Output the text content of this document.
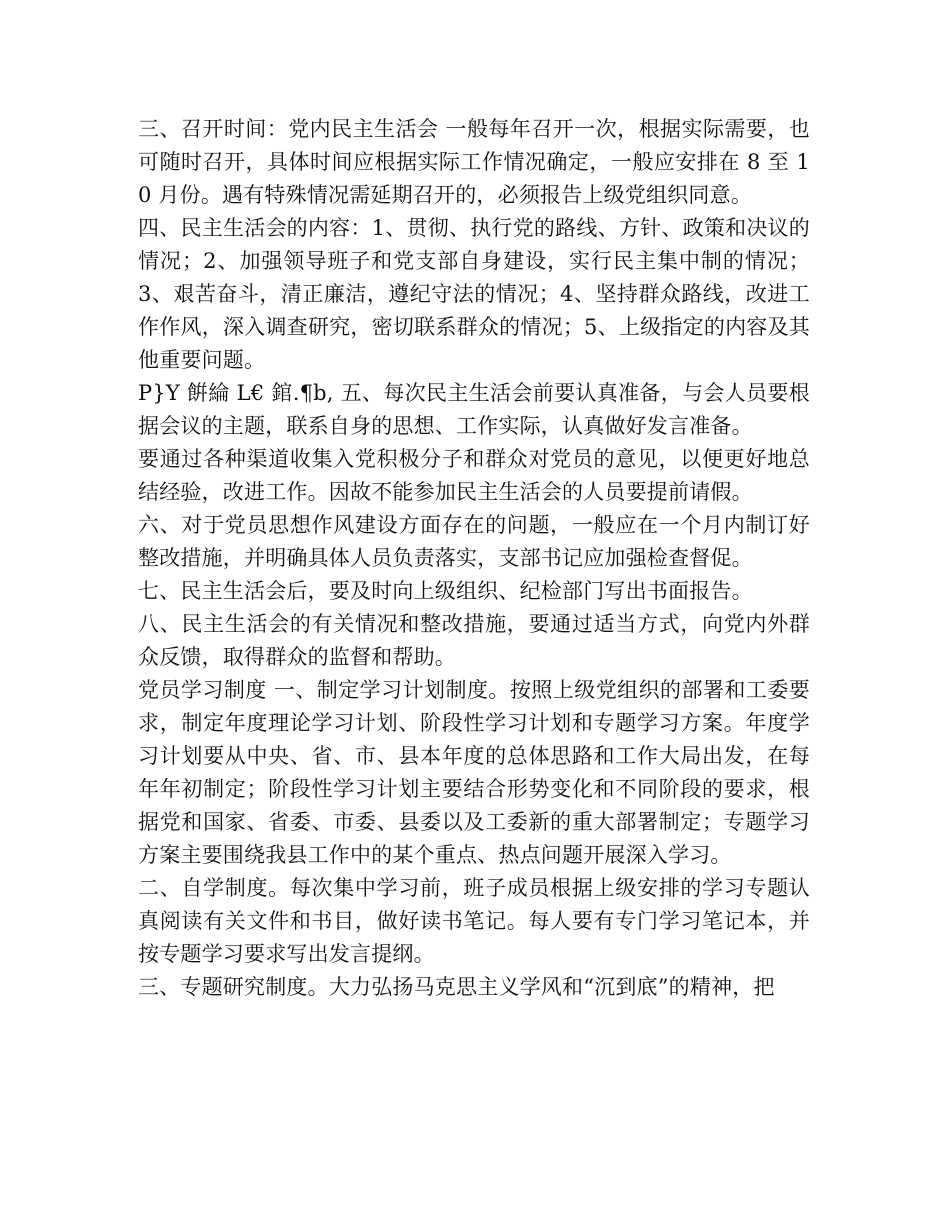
三、召开时间：党内民主生活会 一般每年召开一次，根据实际需要，也可随时召开，具体时间应根据实际工作情况确定，一般应安排在 8 至 10 月份。遇有特殊情况需延期召开的，必须报告上级党组织同意。

四、民主生活会的内容：1、贯彻、执行党的路线、方针、政策和决议的情况；2、加强领导班子和党支部自身建设，实行民主集中制的情况；3、艰苦奋斗，清正廉洁，遵纪守法的情况；4、坚持群众路线，改进工作作风，深入调查研究，密切联系群众的情况；5、上级指定的内容及其他重要问题。

P}Y 餠綸 L€ 錧.¶b, 五、每次民主生活会前要认真准备，与会人员要根据会议的主题，联系自身的思想、工作实际，认真做好发言准备。

要通过各种渠道收集入党积极分子和群众对党员的意见，以便更好地总结经验，改进工作。因故不能参加民主生活会的人员要提前请假。

六、对于党员思想作风建设方面存在的问题，一般应在一个月内制订好整改措施，并明确具体人员负责落实，支部书记应加强检查督促。

七、民主生活会后，要及时向上级组织、纪检部门写出书面报告。

八、民主生活会的有关情况和整改措施，要通过适当方式，向党内外群众反馈，取得群众的监督和帮助。

党员学习制度 一、制定学习计划制度。按照上级党组织的部署和工委要求，制定年度理论学习计划、阶段性学习计划和专题学习方案。年度学习计划要从中央、省、市、县本年度的总体思路和工作大局出发，在每年年初制定；阶段性学习计划主要结合形势变化和不同阶段的要求，根据党和国家、省委、市委、县委以及工委新的重大部署制定；专题学习方案主要围绕我县工作中的某个重点、热点问题开展深入学习。

二、自学制度。每次集中学习前，班子成员根据上级安排的学习专题认真阅读有关文件和书目，做好读书笔记。每人要有专门学习笔记本，并按专题学习要求写出发言提纲。

三、专题研究制度。大力弘扬马克思主义学风和“沉到底”的精神，把
